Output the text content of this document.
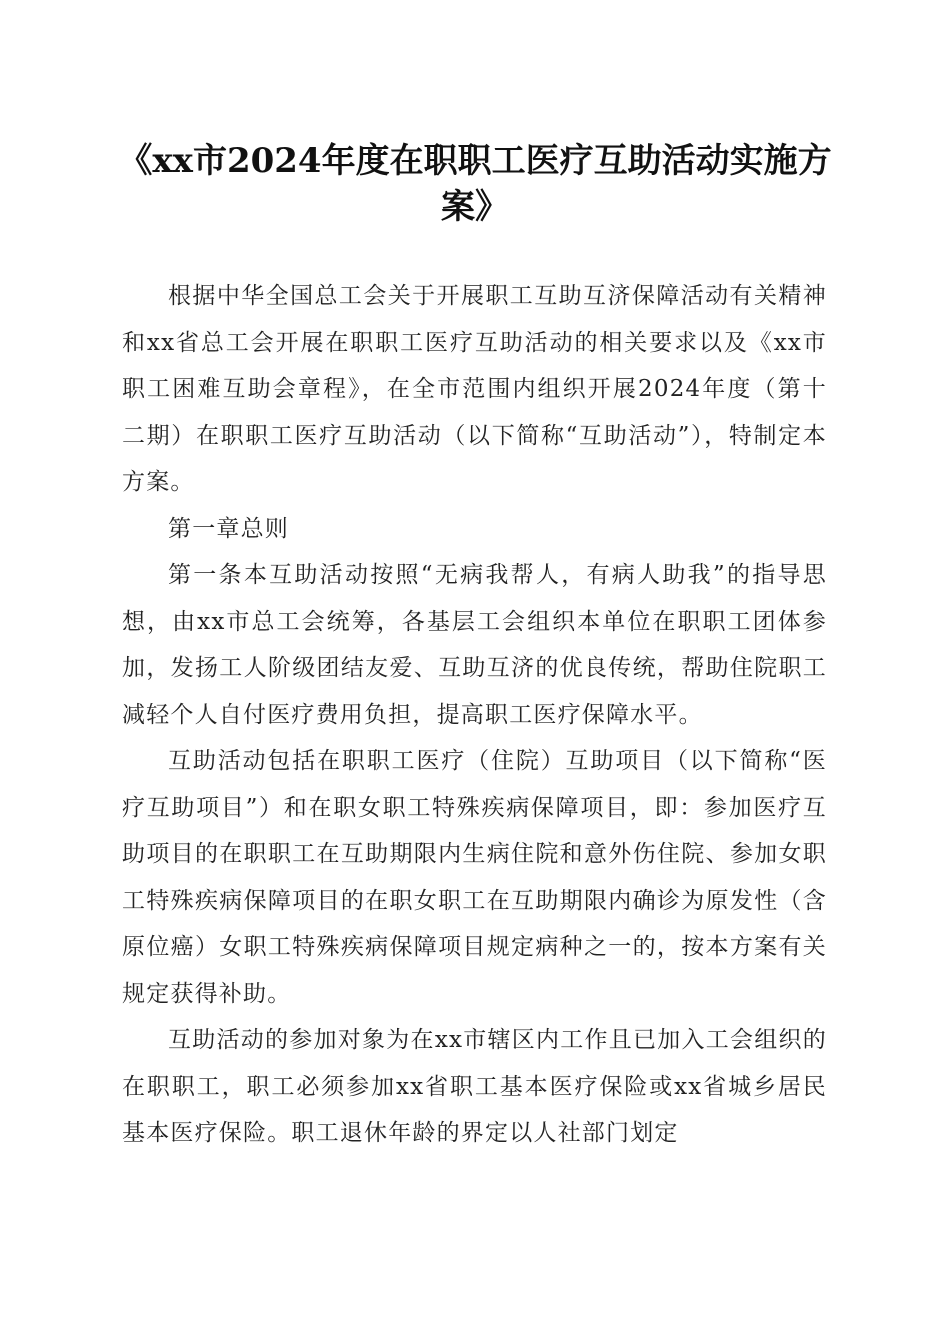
《xx市2024年度在职职工医疗互助活动实施方案》

根据中华全国总工会关于开展职工互助互济保障活动有关精神和xx省总工会开展在职职工医疗互助活动的相关要求以及《xx市职工困难互助会章程》，在全市范围内组织开展2024年度（第十二期）在职职工医疗互助活动（以下简称“互助活动”），特制定本方案。

第一章总则

第一条本互助活动按照“无病我帮人，有病人助我”的指导思想，由xx市总工会统筹，各基层工会组织本单位在职职工团体参加，发扬工人阶级团结友爱、互助互济的优良传统，帮助住院职工减轻个人自付医疗费用负担，提高职工医疗保障水平。

互助活动包括在职职工医疗（住院）互助项目（以下简称“医疗互助项目”）和在职女职工特殊疾病保障项目，即：参加医疗互助项目的在职职工在互助期限内生病住院和意外伤住院、参加女职工特殊疾病保障项目的在职女职工在互助期限内确诊为原发性（含原位癌）女职工特殊疾病保障项目规定病种之一的，按本方案有关规定获得补助。

互助活动的参加对象为在xx市辖区内工作且已加入工会组织的在职职工，职工必须参加xx省职工基本医疗保险或xx省城乡居民基本医疗保险。职工退休年龄的界定以人社部门划定
